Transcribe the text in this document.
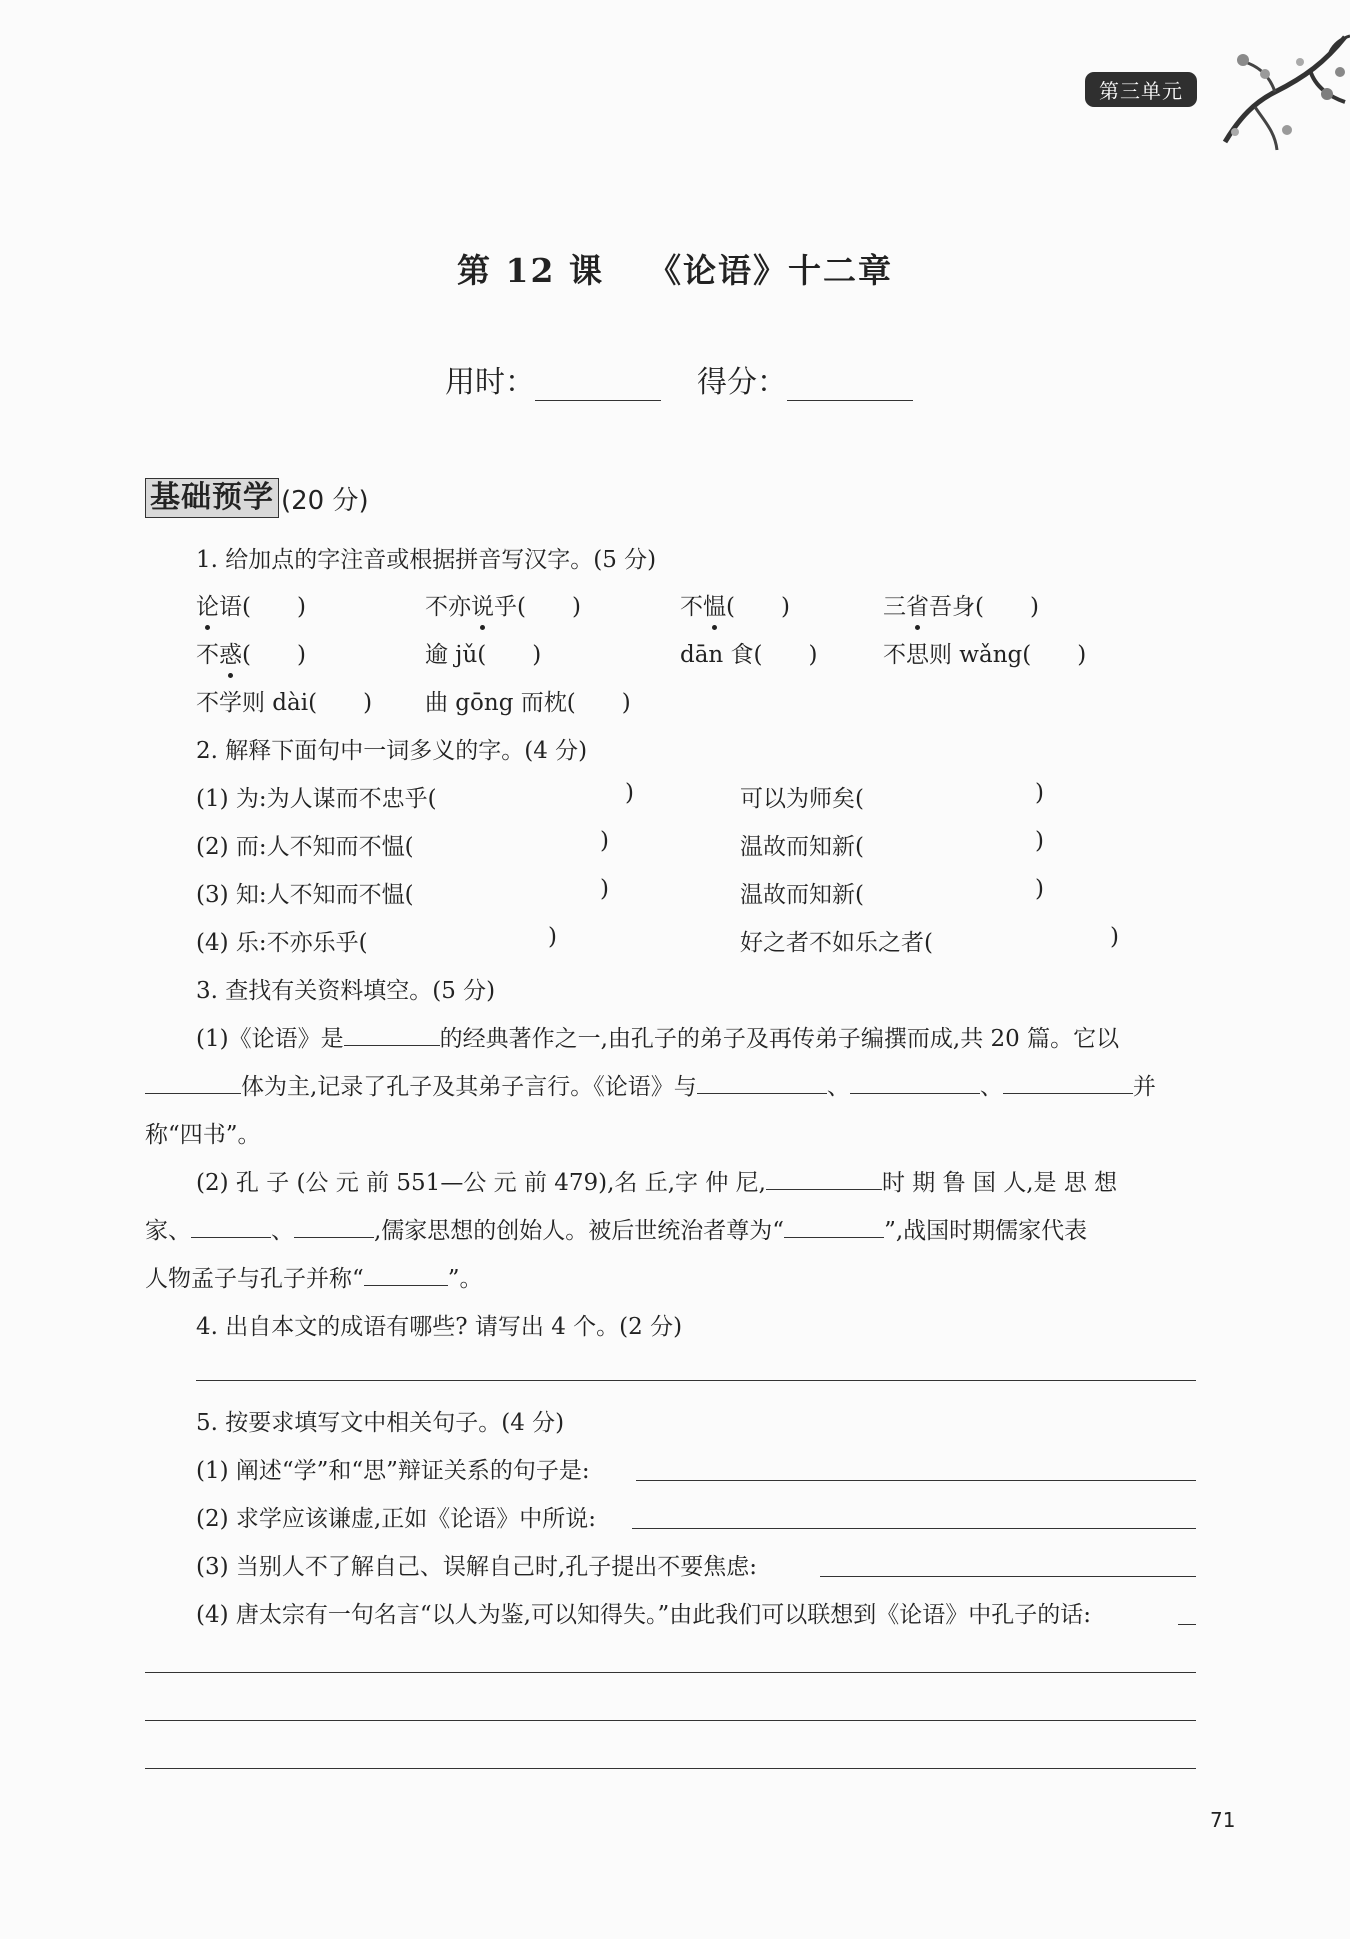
第三单元
第 12 课 《论语》十二章
用时：	得分：
基础预学 (20 分)
1. 给加点的字注音或根据拼音写汉字。(5 分)
论语(　　)	不亦说乎(　　)	不愠(　　)	三省吾身(　　)
不惑(　　)	逾 jǔ(　　)	dān 食(　　)	不思则 wǎng(　　)
不学则 dài(　　) 曲 gōng 而枕(　　)
2. 解释下面句中一词多义的字。(4 分)
(1) 为:为人谋而不忠乎(	)	可以为师矣(	)
(2) 而:人不知而不愠(	)	温故而知新(	)
(3) 知:人不知而不愠(	)	温故而知新(	)
(4) 乐:不亦乐乎(	)	好之者不如乐之者(	)
3. 查找有关资料填空。(5 分)
(1)《论语》是	的经典著作之一,由孔子的弟子及再传弟子编撰而成,共 20 篇。它以
体为主,记录了孔子及其弟子言行。《论语》与	、	、	并
称“四书”。
(2) 孔 子 (公 元 前 551—公 元 前 479),名 丘,字 仲 尼,	时 期 鲁 国 人,是 思 想
家、	、	,儒家思想的创始人。被后世统治者尊为“	”,战国时期儒家代表
人物孟子与孔子并称“	”。
4. 出自本文的成语有哪些? 请写出 4 个。(2 分)
5. 按要求填写文中相关句子。(4 分)
(1) 阐述“学”和“思”辩证关系的句子是:
(2) 求学应该谦虚,正如《论语》中所说:
(3) 当别人不了解自己、误解自己时,孔子提出不要焦虑:
(4) 唐太宗有一句名言“以人为鉴,可以知得失。”由此我们可以联想到《论语》中孔子的话:
71
